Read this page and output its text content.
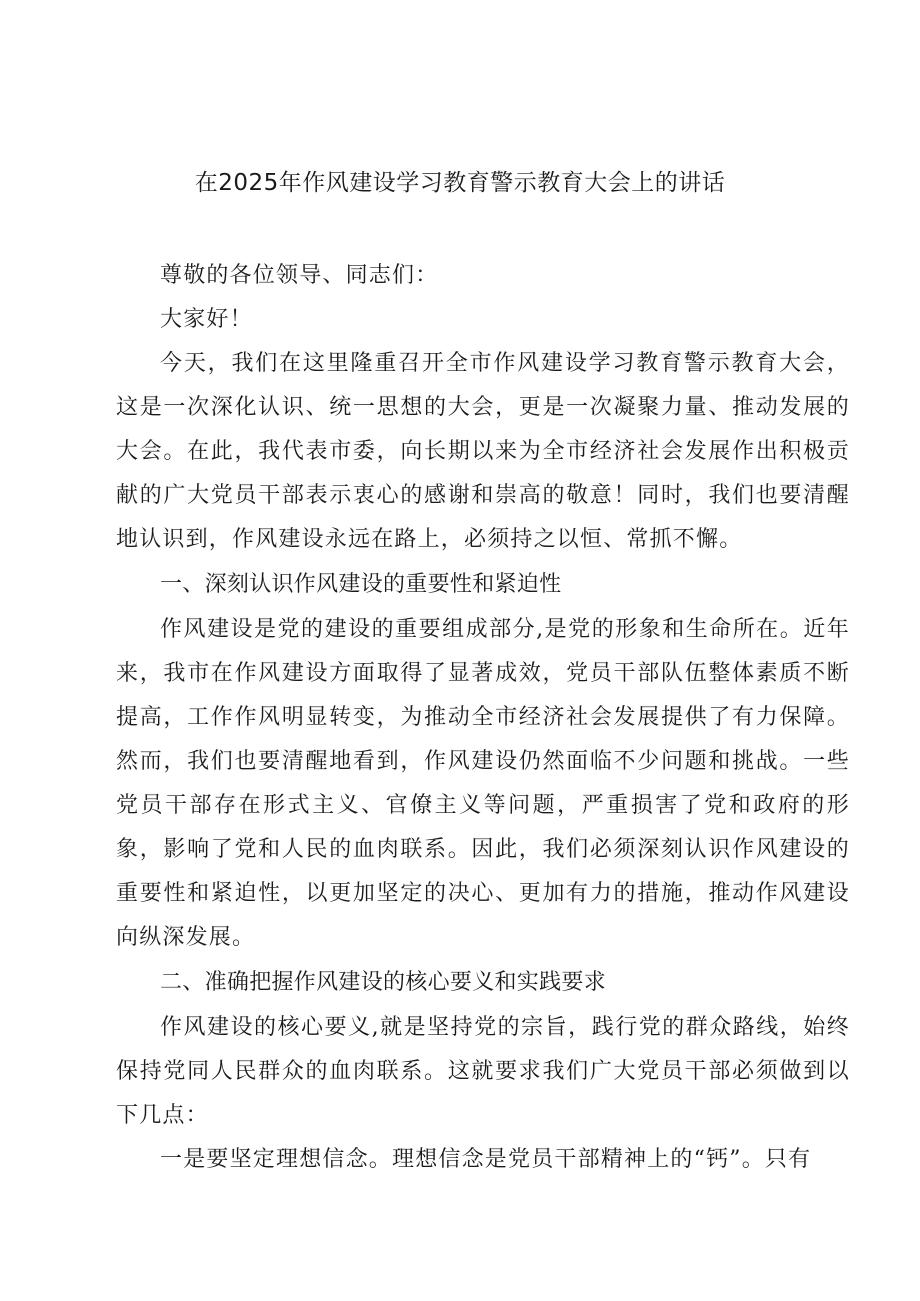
在2025年作风建设学习教育警示教育大会上的讲话

尊敬的各位领导、同志们：

大家好！

今天，我们在这里隆重召开全市作风建设学习教育警示教育大会，这是一次深化认识、统一思想的大会，更是一次凝聚力量、推动发展的大会。在此，我代表市委，向长期以来为全市经济社会发展作出积极贡献的广大党员干部表示衷心的感谢和崇高的敬意！同时，我们也要清醒地认识到，作风建设永远在路上，必须持之以恒、常抓不懈。

一、深刻认识作风建设的重要性和紧迫性

作风建设是党的建设的重要组成部分,是党的形象和生命所在。近年来，我市在作风建设方面取得了显著成效，党员干部队伍整体素质不断提高，工作作风明显转变，为推动全市经济社会发展提供了有力保障。然而，我们也要清醒地看到，作风建设仍然面临不少问题和挑战。一些党员干部存在形式主义、官僚主义等问题，严重损害了党和政府的形象，影响了党和人民的血肉联系。因此，我们必须深刻认识作风建设的重要性和紧迫性，以更加坚定的决心、更加有力的措施，推动作风建设向纵深发展。

二、准确把握作风建设的核心要义和实践要求

作风建设的核心要义,就是坚持党的宗旨，践行党的群众路线，始终保持党同人民群众的血肉联系。这就要求我们广大党员干部必须做到以下几点：

一是要坚定理想信念。理想信念是党员干部精神上的“钙”。只有
